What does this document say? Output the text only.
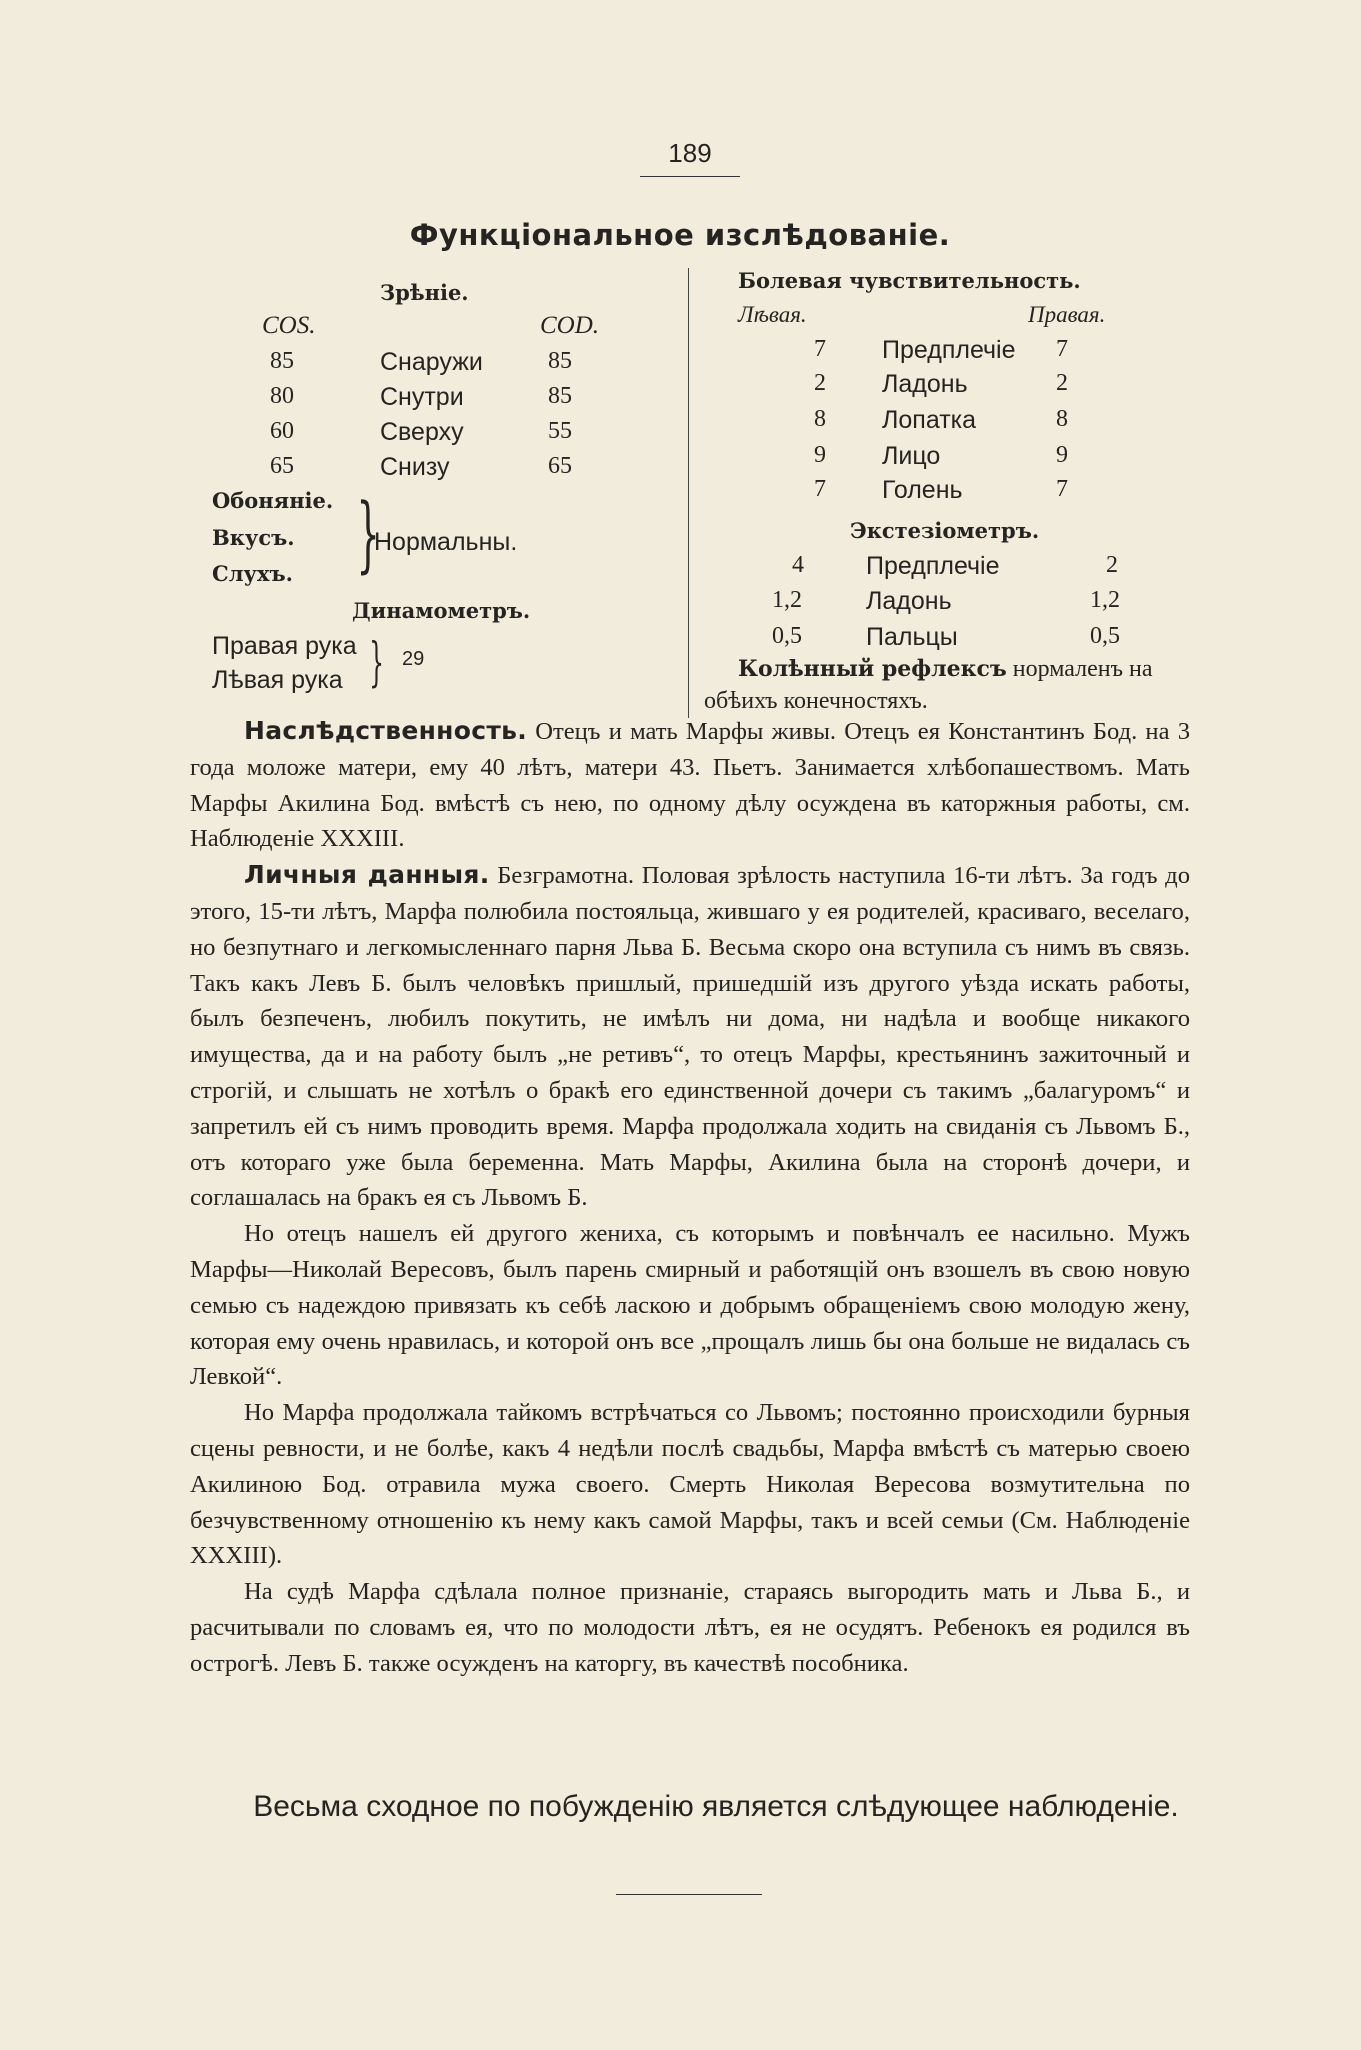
189
Функціональное изслѣдованіе.
Зрѣніе.
COS.	COD.
85	Снаружи	85
80	Снутри	85
60	Сверху	55
65	Снизу	65
Обоняніе.
Вкусъ.
Слухъ. }
Нормальны.
Динамометръ.
Правая рука
Лѣвая рука } 29
Болевая чувствительность.
Лѣвая.	Правая.
7 Предплечіе 7
2 Ладонь	2
8 Лопатка	8
9 Лицо	9
7 Голень	7
Экстезіометръ.
4 Предплечіе	2
1,2	Ладонь	1,2
0,5	Пальцы	0,5
Колѣнный рефлексъ нормаленъ на
обѣихъ конечностяхъ.

Наслѣдственность. Отецъ и мать Марфы живы. Отецъ ея Константинъ Бод. на 3 года моложе матери, ему 40 лѣтъ, матери 43. Пьетъ. Занимается хлѣбопашествомъ. Мать Марфы Акилина Бод. вмѣстѣ съ нею, по одному дѣлу осуждена въ каторжныя работы, см. Наблюденіе XXXIII.

Личныя данныя. Безграмотна. Половая зрѣлость наступила 16-ти лѣтъ. За годъ до этого, 15-ти лѣтъ, Марфа полюбила постояльца, жившаго у ея родителей, красиваго, веселаго, но безпутнаго и легкомысленнаго парня Льва Б. Весьма скоро она вступила съ нимъ въ связь. Такъ какъ Левъ Б. былъ человѣкъ пришлый, пришедшій изъ другого уѣзда искать работы, былъ безпеченъ, любилъ покутить, не имѣлъ ни дома, ни надѣла и вообще никакого имущества, да и на работу былъ „не ретивъ“, то отецъ Марфы, крестьянинъ зажиточный и строгій, и слышать не хотѣлъ о бракѣ его единственной дочери съ такимъ „балагуромъ“ и запретилъ ей съ нимъ проводить время. Марфа продолжала ходить на свиданія съ Львомъ Б., отъ котораго уже была беременна. Мать Марфы, Акилина была на сторонѣ дочери, и соглашалась на бракъ ея съ Львомъ Б.

Но отецъ нашелъ ей другого жениха, съ которымъ и повѣнчалъ ее насильно. Мужъ Марфы—Николай Вересовъ, былъ парень смирный и работящій онъ взошелъ въ свою новую семью съ надеждою привязать къ себѣ ласкою и добрымъ обращеніемъ свою молодую жену, которая ему очень нравилась, и которой онъ все „прощалъ лишь бы она больше не видалась съ Левкой“.

Но Марфа продолжала тайкомъ встрѣчаться со Львомъ; постоянно происходили бурныя сцены ревности, и не болѣе, какъ 4 недѣли послѣ свадьбы, Марфа вмѣстѣ съ матерью своею Акилиною Бод. отравила мужа своего. Смерть Николая Вересова возмутительна по безчувственному отношенію къ нему какъ самой Марфы, такъ и всей семьи (См. Наблюденіе XXXIII).

На судѣ Марфа сдѣлала полное признаніе, стараясь выгородить мать и Льва Б., и расчитывали по словамъ ея, что по молодости лѣтъ, ея не осудятъ. Ребенокъ ея родился въ острогѣ. Левъ Б. также осужденъ на каторгу, въ качествѣ пособника.

Весьма сходное по побужденію является слѣдующее наблюденіе.
